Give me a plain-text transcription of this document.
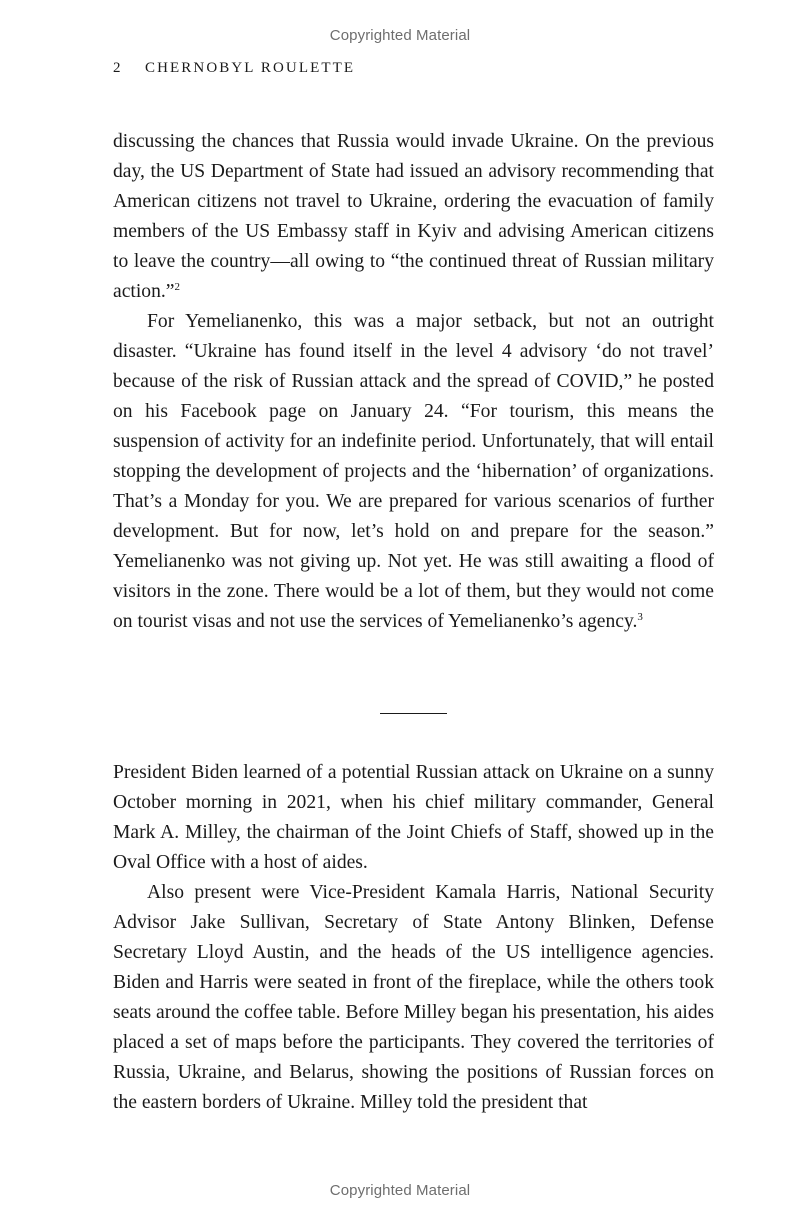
Copyrighted Material
2 CHERNOBYL ROULETTE

discussing the chances that Russia would invade Ukraine. On the previous day, the US Department of State had issued an advisory recommending that American citizens not travel to Ukraine, ordering the evacuation of family members of the US Embassy staff in Kyiv and advising American citizens to leave the country—all owing to “the continued threat of Russian military action.”$^2$

For Yemelianenko, this was a major setback, but not an outright disaster. “Ukraine has found itself in the level 4 advisory ‘do not travel’ because of the risk of Russian attack and the spread of COVID,” he posted on his Facebook page on January 24. “For tourism, this means the suspension of activity for an indefinite period. Unfortunately, that will entail stopping the development of projects and the ‘hibernation’ of organizations. That’s a Monday for you. We are prepared for various scenarios of further development. But for now, let’s hold on and prepare for the season.” Yemelianenko was not giving up. Not yet. He was still awaiting a flood of visitors in the zone. There would be a lot of them, but they would not come on tourist visas and not use the services of Yemelianenko’s agency.$^3$

President Biden learned of a potential Russian attack on Ukraine on a sunny October morning in 2021, when his chief military commander, General Mark A. Milley, the chairman of the Joint Chiefs of Staff, showed up in the Oval Office with a host of aides.

Also present were Vice-President Kamala Harris, National Security Advisor Jake Sullivan, Secretary of State Antony Blinken, Defense Secretary Lloyd Austin, and the heads of the US intelligence agencies. Biden and Harris were seated in front of the fireplace, while the others took seats around the coffee table. Before Milley began his presentation, his aides placed a set of maps before the participants. They covered the territories of Russia, Ukraine, and Belarus, showing the positions of Russian forces on the eastern borders of Ukraine. Milley told the president that

Copyrighted Material
